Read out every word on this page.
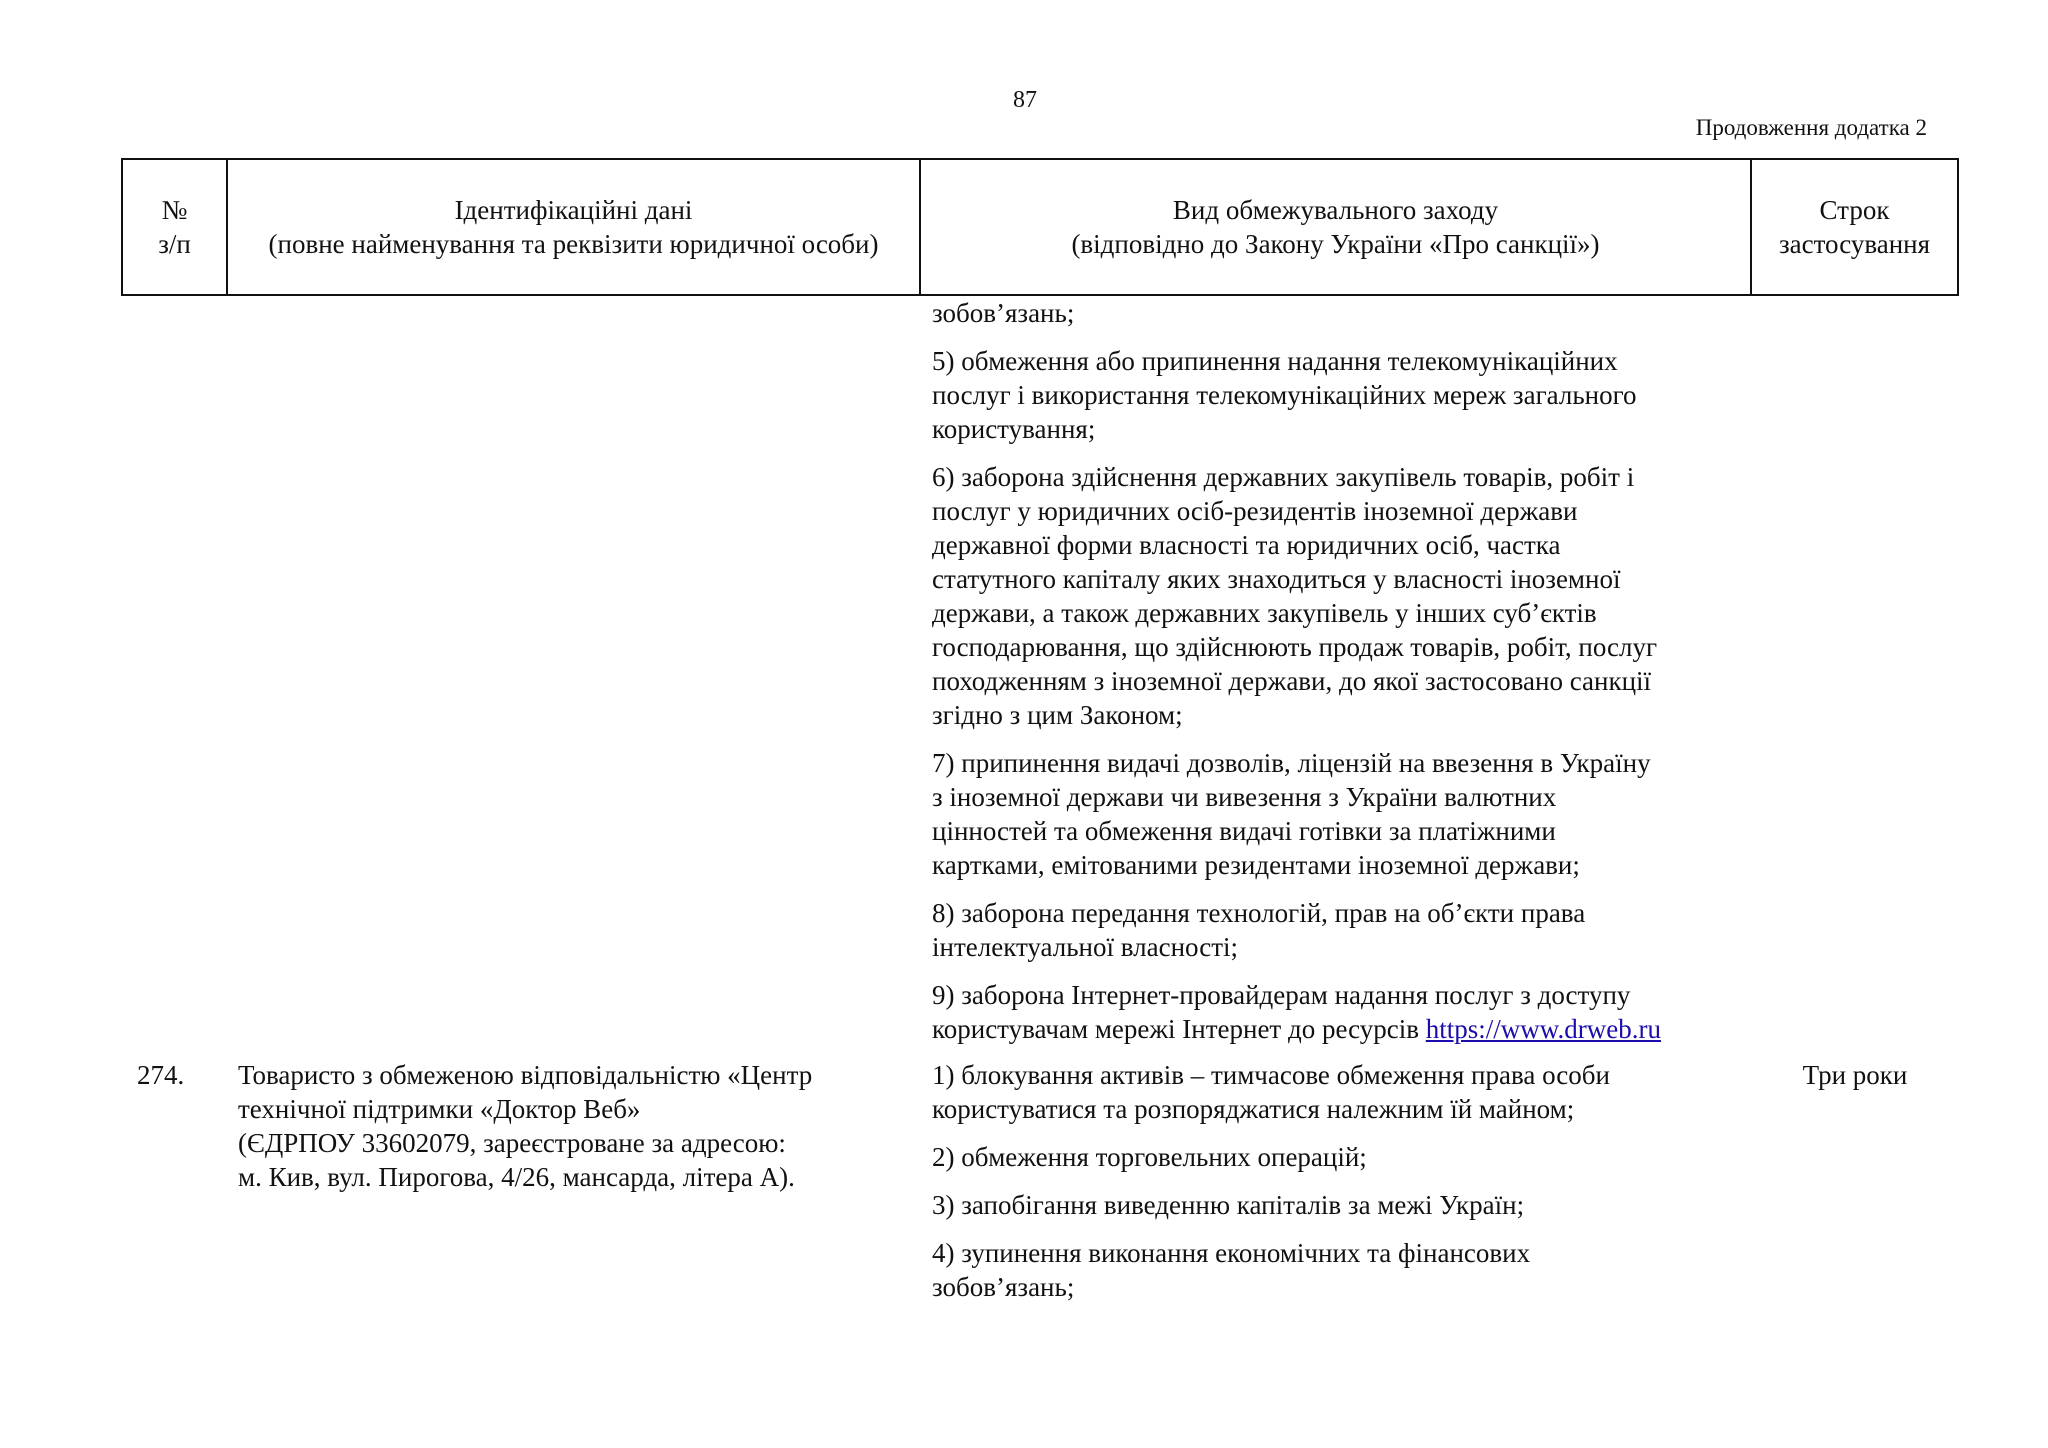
87
Продовження додатка 2
№
з/п
Ідентифікаційні дані
(повне найменування та реквізити юридичної особи)
Вид обмежувального заходу
(відповідно до Закону України «Про санкції»)
Строк
застосування

зобов’язань;

5) обмеження або припинення надання телекомунікаційних
послуг і використання телекомунікаційних мереж загального
користування;

6) заборона здійснення державних закупівель товарів, робіт і
послуг у юридичних осіб-резидентів іноземної держави
державної форми власності та юридичних осіб, частка
статутного капіталу яких знаходиться у власності іноземної
держави, а також державних закупівель у інших суб’єктів
господарювання, що здійснюють продаж товарів, робіт, послуг
походженням з іноземної держави, до якої застосовано санкції
згідно з цим Законом;

7) припинення видачі дозволів, ліцензій на ввезення в Україну
з іноземної держави чи вивезення з України валютних
цінностей та обмеження видачі готівки за платіжними
картками, емітованими резидентами іноземної держави;

8) заборона передання технологій, прав на об’єкти права
інтелектуальної власності;

9) заборона Інтернет-провайдерам надання послуг з доступу
користувачам мережі Інтернет до ресурсів https://www.drweb.ru

274. Товаристо з обмеженою відповідальністю «Центр
технічної підтримки «Доктор Веб»
(ЄДРПОУ 33602079, зареєстроване за адресою:
м. Кив, вул. Пирогова, 4/26, мансарда, літера А).

1) блокування активів – тимчасове обмеження права особи
користуватися та розпоряджатися належним їй майном;

2) обмеження торговельних операцій;

3) запобігання виведенню капіталів за межі Україн;

4) зупинення виконання економічних та фінансових
зобов’язань;

Три роки
